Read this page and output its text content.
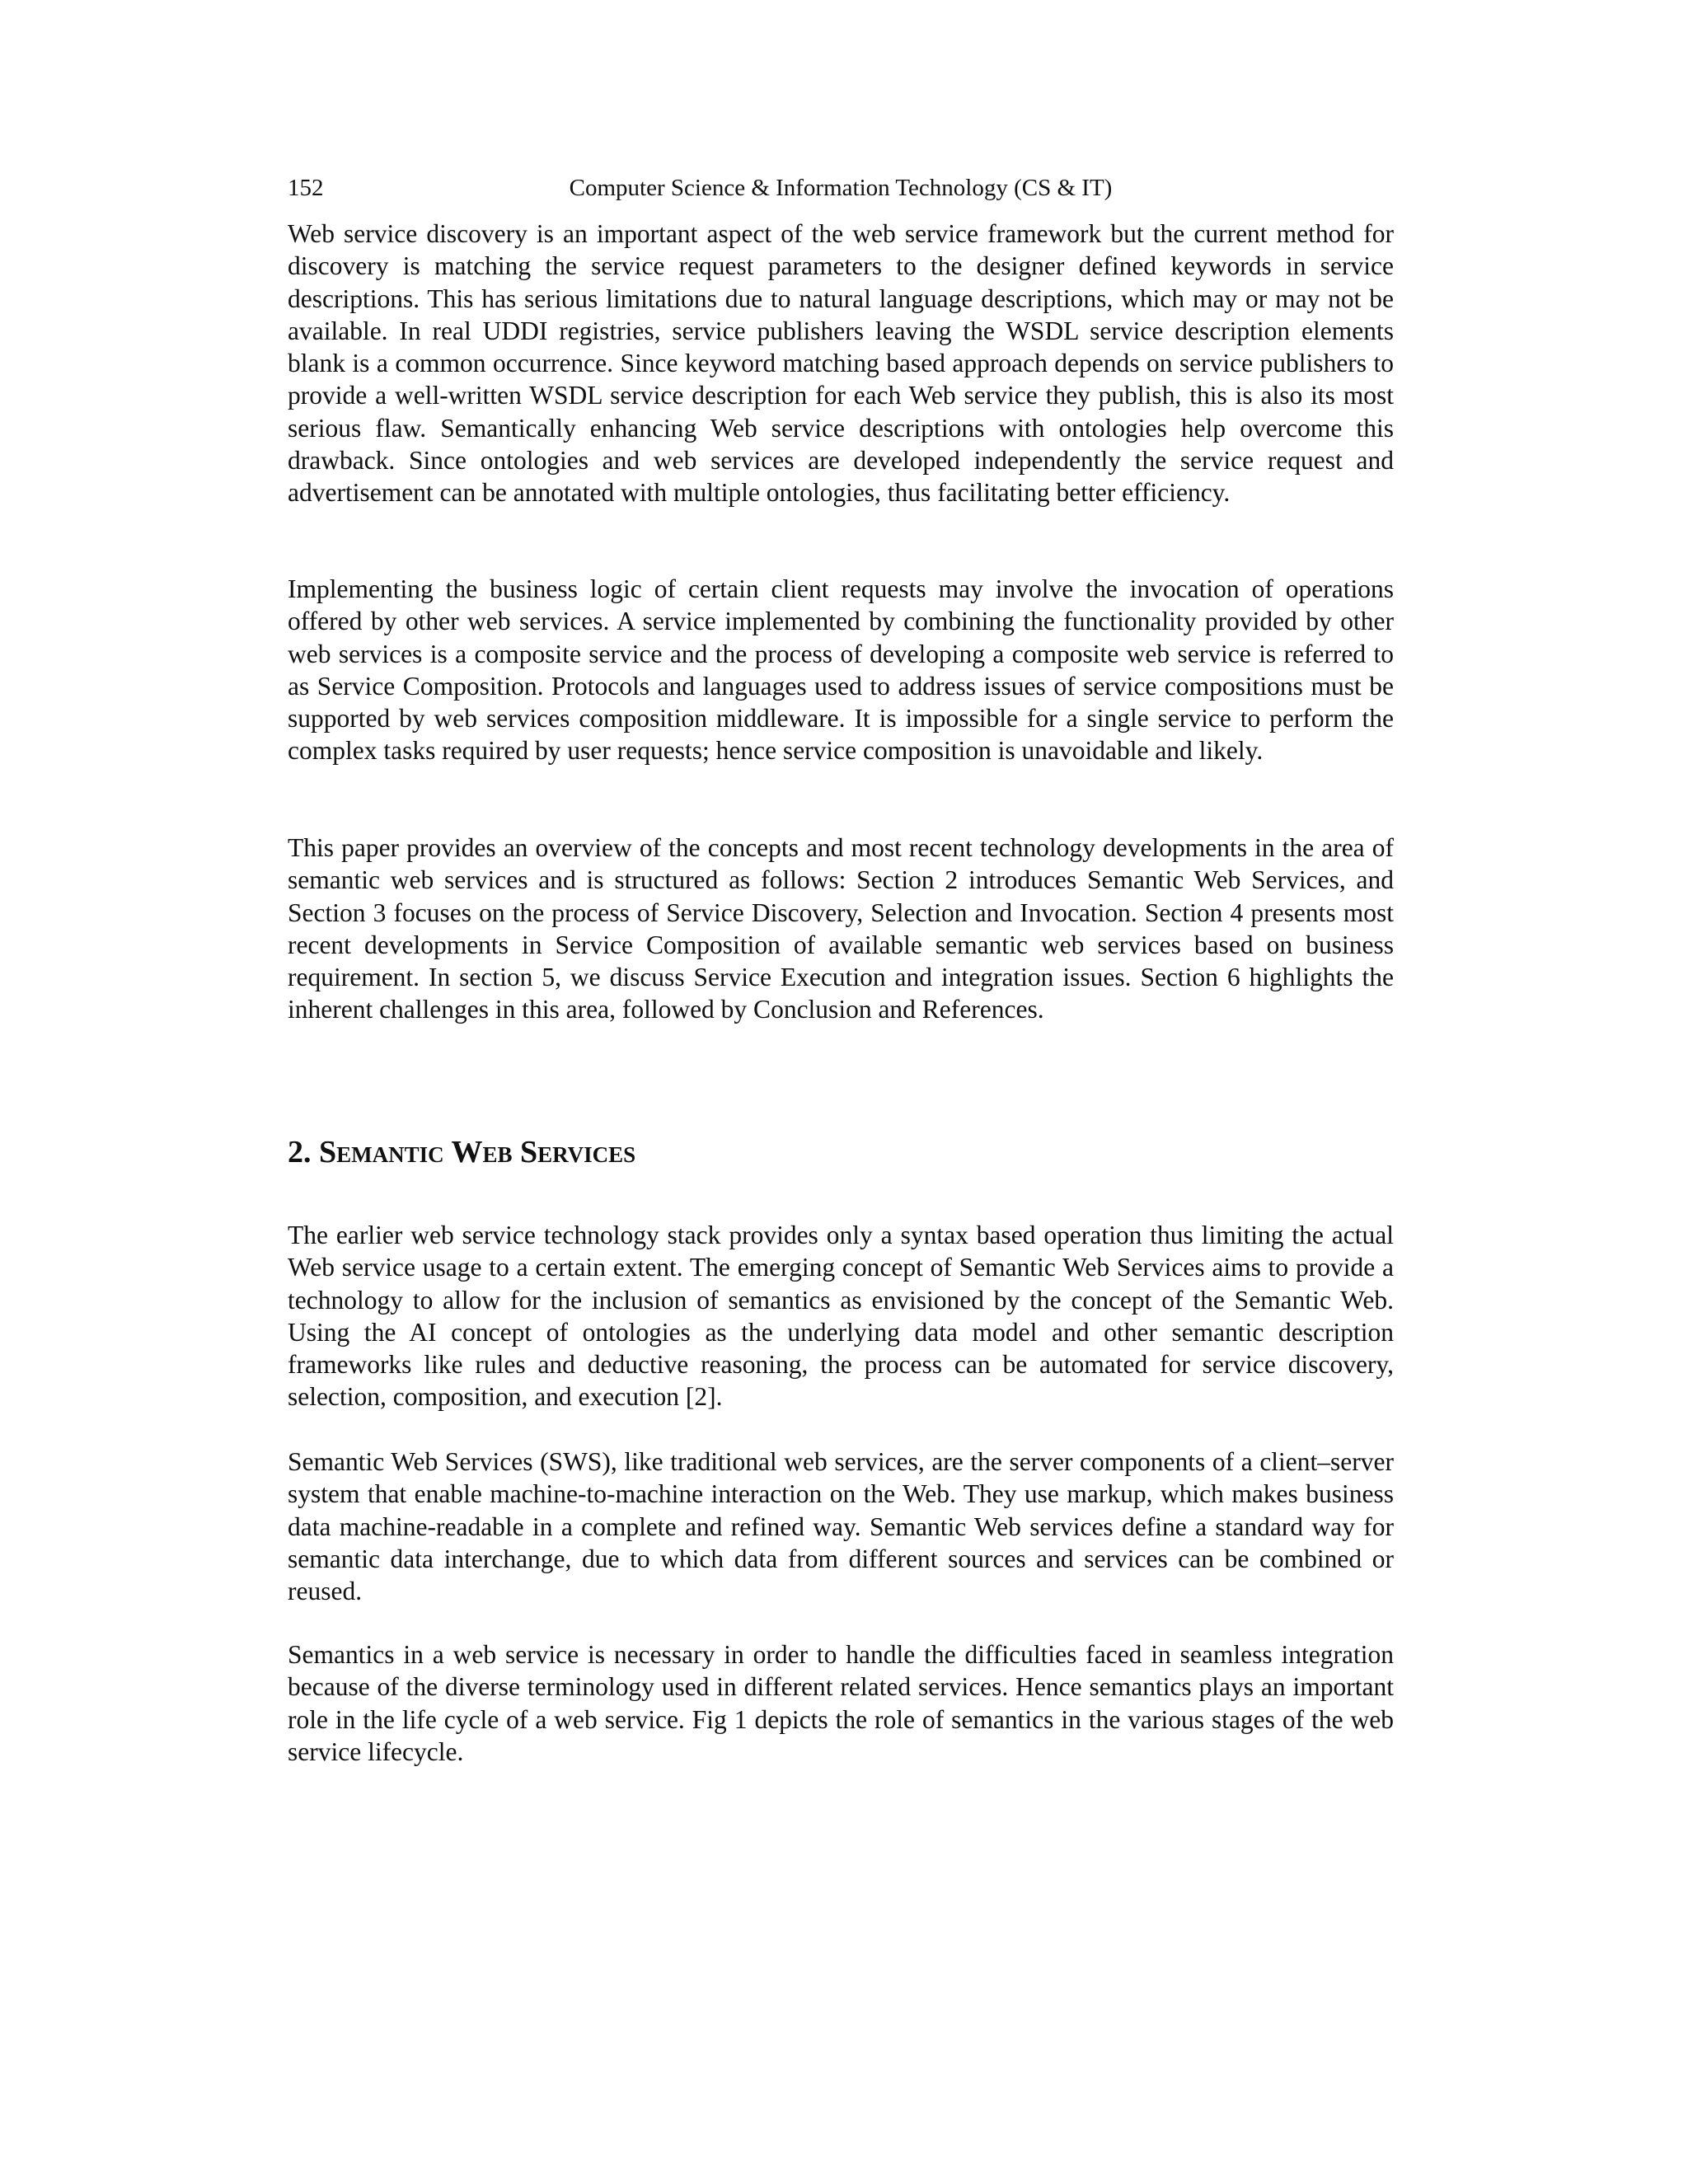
152	Computer Science & Information Technology (CS & IT)

Web service discovery is an important aspect of the web service framework but the current method for discovery is matching the service request parameters to the designer defined keywords in service descriptions. This has serious limitations due to natural language descriptions, which may or may not be available. In real UDDI registries, service publishers leaving the WSDL service description elements blank is a common occurrence. Since keyword matching based approach depends on service publishers to provide a well-written WSDL service description for each Web service they publish, this is also its most serious flaw. Semantically enhancing Web service descriptions with ontologies help overcome this drawback. Since ontologies and web services are developed independently the service request and advertisement can be annotated with multiple ontologies, thus facilitating better efficiency.

Implementing the business logic of certain client requests may involve the invocation of operations offered by other web services. A service implemented by combining the functionality provided by other web services is a composite service and the process of developing a composite web service is referred to as Service Composition. Protocols and languages used to address issues of service compositions must be supported by web services composition middleware. It is impossible for a single service to perform the complex tasks required by user requests; hence service composition is unavoidable and likely.

This paper provides an overview of the concepts and most recent technology developments in the area of semantic web services and is structured as follows: Section 2 introduces Semantic Web Services, and Section 3 focuses on the process of Service Discovery, Selection and Invocation. Section 4 presents most recent developments in Service Composition of available semantic web services based on business requirement. In section 5, we discuss Service Execution and integration issues. Section 6 highlights the inherent challenges in this area, followed by Conclusion and References.

2. Semantic Web Services

The earlier web service technology stack provides only a syntax based operation thus limiting the actual Web service usage to a certain extent. The emerging concept of Semantic Web Services aims to provide a technology to allow for the inclusion of semantics as envisioned by the concept of the Semantic Web. Using the AI concept of ontologies as the underlying data model and other semantic description frameworks like rules and deductive reasoning, the process can be automated for service discovery, selection, composition, and execution [2].

Semantic Web Services (SWS), like traditional web services, are the server components of a client–server system that enable machine-to-machine interaction on the Web. They use markup, which makes business data machine-readable in a complete and refined way. Semantic Web services define a standard way for semantic data interchange, due to which data from different sources and services can be combined or reused.

Semantics in a web service is necessary in order to handle the difficulties faced in seamless integration because of the diverse terminology used in different related services. Hence semantics plays an important role in the life cycle of a web service. Fig 1 depicts the role of semantics in the various stages of the web service lifecycle.
